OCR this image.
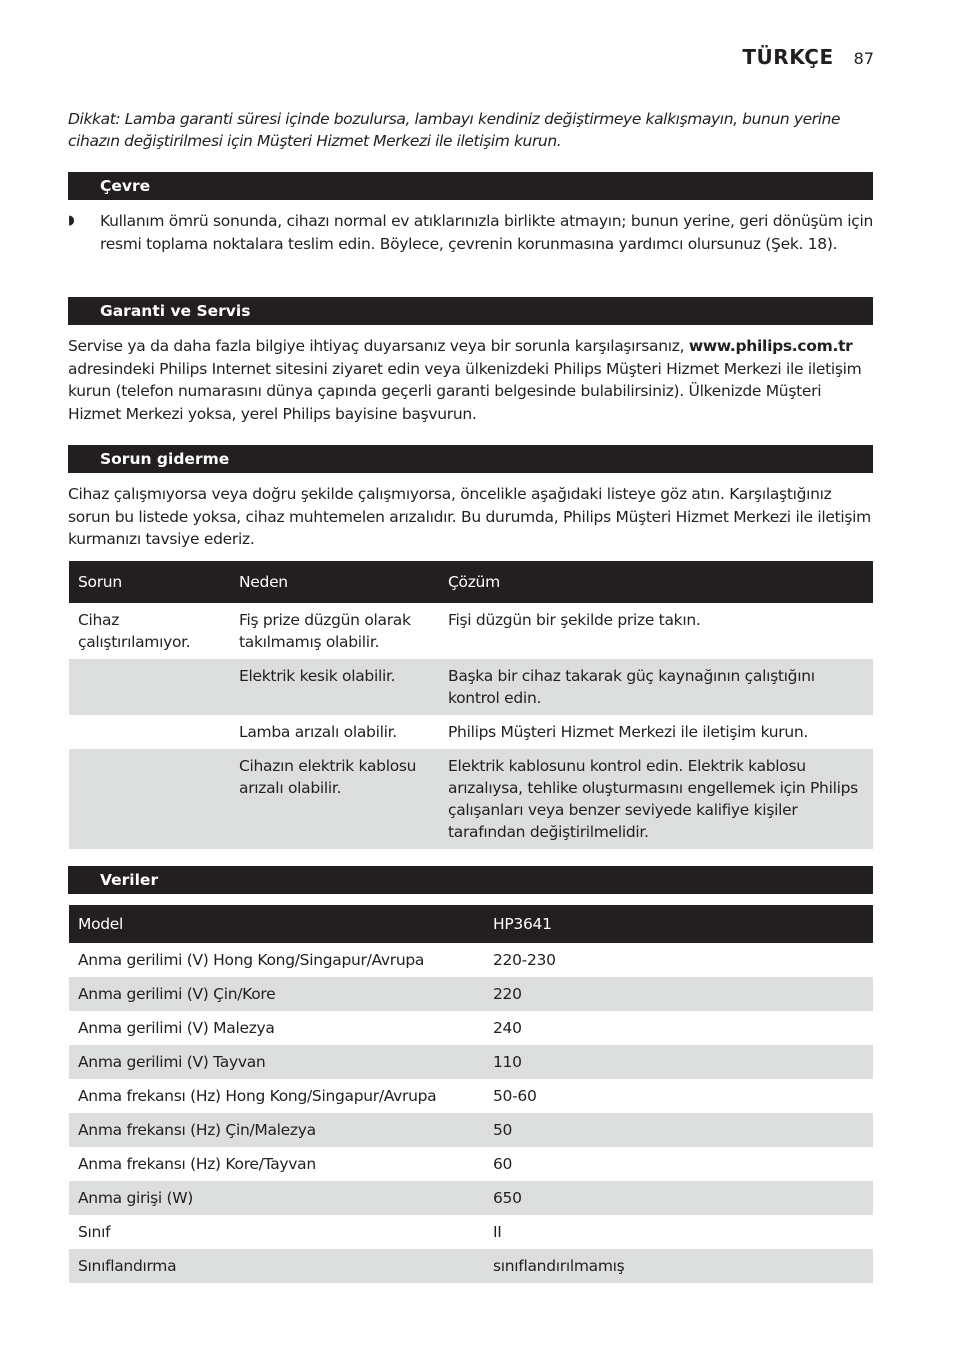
TÜRKÇE 87
Dikkat: Lamba garanti süresi içinde bozulursa, lambayı kendiniz değiştirmeye kalkışmayın, bunun yerine cihazın değiştirilmesi için Müşteri Hizmet Merkezi ile iletişim kurun.
Çevre
◗	Kullanım ömrü sonunda, cihazı normal ev atıklarınızla birlikte atmayın; bunun yerine, geri dönüşüm için resmi toplama noktalara teslim edin. Böylece, çevrenin korunmasına yardımcı olursunuz (Şek. 18).
Garanti ve Servis
Servise ya da daha fazla bilgiye ihtiyaç duyarsanız veya bir sorunla karşılaşırsanız, www.philips.com.tr adresindeki Philips Internet sitesini ziyaret edin veya ülkenizdeki Philips Müşteri Hizmet Merkezi ile iletişim kurun (telefon numarasını dünya çapında geçerli garanti belgesinde bulabilirsiniz). Ülkenizde Müşteri Hizmet Merkezi yoksa, yerel Philips bayisine başvurun.
Sorun giderme
Cihaz çalışmıyorsa veya doğru şekilde çalışmıyorsa, öncelikle aşağıdaki listeye göz atın. Karşılaştığınız sorun bu listede yoksa, cihaz muhtemelen arızalıdır. Bu durumda, Philips Müşteri Hizmet Merkezi ile iletişim kurmanızı tavsiye ederiz.
Sorun	Neden	Çözüm
Cihaz çalıştırılamıyor.	Fiş prize düzgün olarak takılmamış olabilir.	Fişi düzgün bir şekilde prize takın.
	Elektrik kesik olabilir.	Başka bir cihaz takarak güç kaynağının çalıştığını kontrol edin.
	Lamba arızalı olabilir.	Philips Müşteri Hizmet Merkezi ile iletişim kurun.
	Cihazın elektrik kablosu arızalı olabilir.	Elektrik kablosunu kontrol edin. Elektrik kablosu arızalıysa, tehlike oluşturmasını engellemek için Philips çalışanları veya benzer seviyede kalifiye kişiler tarafından değiştirilmelidir.
Veriler
Model	HP3641
Anma gerilimi (V) Hong Kong/Singapur/Avrupa	220-230
Anma gerilimi (V) Çin/Kore	220
Anma gerilimi (V) Malezya	240
Anma gerilimi (V) Tayvan	110
Anma frekansı (Hz) Hong Kong/Singapur/Avrupa	50-60
Anma frekansı (Hz) Çin/Malezya	50
Anma frekansı (Hz) Kore/Tayvan	60
Anma girişi (W)	650
Sınıf	II
Sınıflandırma	sınıflandırılmamış
